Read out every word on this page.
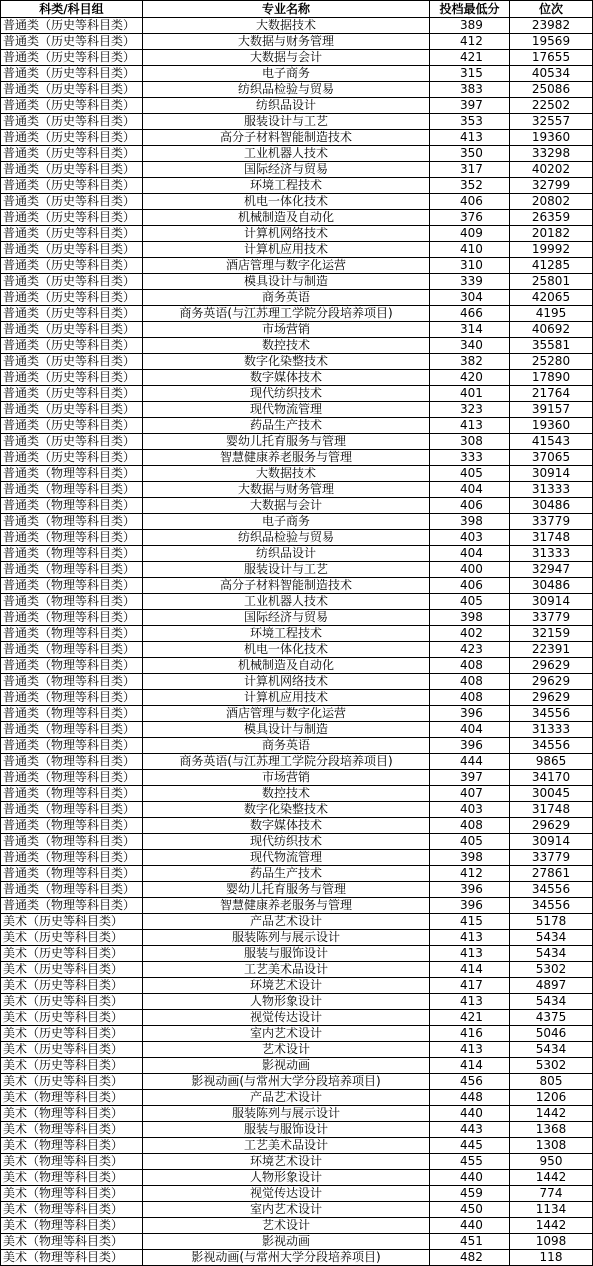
科类/科目组	专业名称	投档最低分	位次
普通类（历史等科目类）	大数据技术	389	23982
普通类（历史等科目类）	大数据与财务管理	412	19569
普通类（历史等科目类）	大数据与会计	421	17655
普通类（历史等科目类）	电子商务	315	40534
普通类（历史等科目类）	纺织品检验与贸易	383	25086
普通类（历史等科目类）	纺织品设计	397	22502
普通类（历史等科目类）	服装设计与工艺	353	32557
普通类（历史等科目类）	高分子材料智能制造技术	413	19360
普通类（历史等科目类）	工业机器人技术	350	33298
普通类（历史等科目类）	国际经济与贸易	317	40202
普通类（历史等科目类）	环境工程技术	352	32799
普通类（历史等科目类）	机电一体化技术	406	20802
普通类（历史等科目类）	机械制造及自动化	376	26359
普通类（历史等科目类）	计算机网络技术	409	20182
普通类（历史等科目类）	计算机应用技术	410	19992
普通类（历史等科目类）	酒店管理与数字化运营	310	41285
普通类（历史等科目类）	模具设计与制造	339	25801
普通类（历史等科目类）	商务英语	304	42065
普通类（历史等科目类）	商务英语(与江苏理工学院分段培养项目)	466	4195
普通类（历史等科目类）	市场营销	314	40692
普通类（历史等科目类）	数控技术	340	35581
普通类（历史等科目类）	数字化染整技术	382	25280
普通类（历史等科目类）	数字媒体技术	420	17890
普通类（历史等科目类）	现代纺织技术	401	21764
普通类（历史等科目类）	现代物流管理	323	39157
普通类（历史等科目类）	药品生产技术	413	19360
普通类（历史等科目类）	婴幼儿托育服务与管理	308	41543
普通类（历史等科目类）	智慧健康养老服务与管理	333	37065
普通类（物理等科目类）	大数据技术	405	30914
普通类（物理等科目类）	大数据与财务管理	404	31333
普通类（物理等科目类）	大数据与会计	406	30486
普通类（物理等科目类）	电子商务	398	33779
普通类（物理等科目类）	纺织品检验与贸易	403	31748
普通类（物理等科目类）	纺织品设计	404	31333
普通类（物理等科目类）	服装设计与工艺	400	32947
普通类（物理等科目类）	高分子材料智能制造技术	406	30486
普通类（物理等科目类）	工业机器人技术	405	30914
普通类（物理等科目类）	国际经济与贸易	398	33779
普通类（物理等科目类）	环境工程技术	402	32159
普通类（物理等科目类）	机电一体化技术	423	22391
普通类（物理等科目类）	机械制造及自动化	408	29629
普通类（物理等科目类）	计算机网络技术	408	29629
普通类（物理等科目类）	计算机应用技术	408	29629
普通类（物理等科目类）	酒店管理与数字化运营	396	34556
普通类（物理等科目类）	模具设计与制造	404	31333
普通类（物理等科目类）	商务英语	396	34556
普通类（物理等科目类）	商务英语(与江苏理工学院分段培养项目)	444	9865
普通类（物理等科目类）	市场营销	397	34170
普通类（物理等科目类）	数控技术	407	30045
普通类（物理等科目类）	数字化染整技术	403	31748
普通类（物理等科目类）	数字媒体技术	408	29629
普通类（物理等科目类）	现代纺织技术	405	30914
普通类（物理等科目类）	现代物流管理	398	33779
普通类（物理等科目类）	药品生产技术	412	27861
普通类（物理等科目类）	婴幼儿托育服务与管理	396	34556
普通类（物理等科目类）	智慧健康养老服务与管理	396	34556
美术（历史等科目类）	产品艺术设计	415	5178
美术（历史等科目类）	服装陈列与展示设计	413	5434
美术（历史等科目类）	服装与服饰设计	413	5434
美术（历史等科目类）	工艺美术品设计	414	5302
美术（历史等科目类）	环境艺术设计	417	4897
美术（历史等科目类）	人物形象设计	413	5434
美术（历史等科目类）	视觉传达设计	421	4375
美术（历史等科目类）	室内艺术设计	416	5046
美术（历史等科目类）	艺术设计	413	5434
美术（历史等科目类）	影视动画	414	5302
美术（历史等科目类）	影视动画(与常州大学分段培养项目)	456	805
美术（物理等科目类）	产品艺术设计	448	1206
美术（物理等科目类）	服装陈列与展示设计	440	1442
美术（物理等科目类）	服装与服饰设计	443	1368
美术（物理等科目类）	工艺美术品设计	445	1308
美术（物理等科目类）	环境艺术设计	455	950
美术（物理等科目类）	人物形象设计	440	1442
美术（物理等科目类）	视觉传达设计	459	774
美术（物理等科目类）	室内艺术设计	450	1134
美术（物理等科目类）	艺术设计	440	1442
美术（物理等科目类）	影视动画	451	1098
美术（物理等科目类）	影视动画(与常州大学分段培养项目)	482	118
